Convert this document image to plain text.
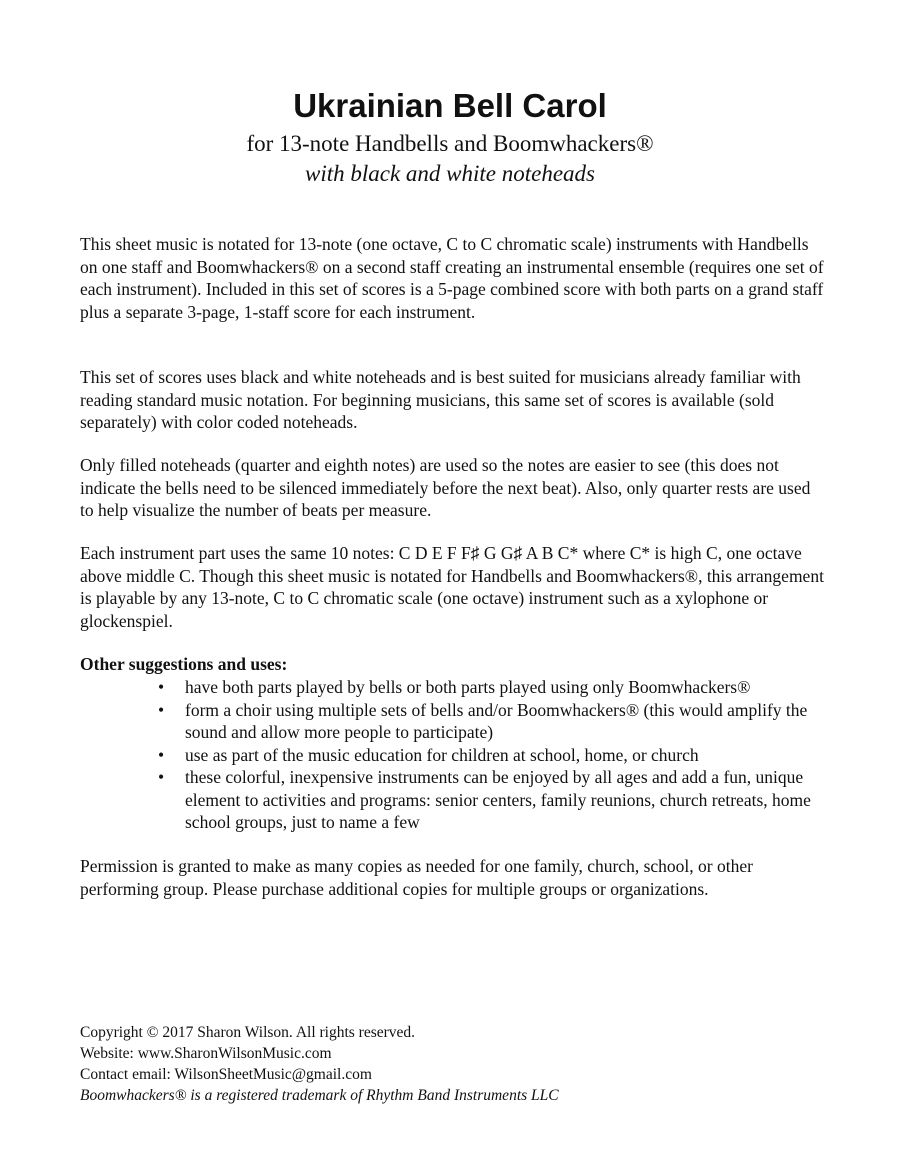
Ukrainian Bell Carol
for 13-note Handbells and Boomwhackers®
with black and white noteheads

This sheet music is notated for 13-note (one octave, C to C chromatic scale) instruments with Handbells on one staff and Boomwhackers® on a second staff creating an instrumental ensemble (requires one set of each instrument). Included in this set of scores is a 5-page combined score with both parts on a grand staff plus a separate 3-page, 1-staff score for each instrument.

This set of scores uses black and white noteheads and is best suited for musicians already familiar with reading standard music notation. For beginning musicians, this same set of scores is available (sold separately) with color coded noteheads.

Only filled noteheads (quarter and eighth notes) are used so the notes are easier to see (this does not indicate the bells need to be silenced immediately before the next beat). Also, only quarter rests are used to help visualize the number of beats per measure.

Each instrument part uses the same 10 notes: C D E F F♯ G G♯ A B C* where C* is high C, one octave above middle C. Though this sheet music is notated for Handbells and Boomwhackers®, this arrangement is playable by any 13-note, C to C chromatic scale (one octave) instrument such as a xylophone or glockenspiel.

Other suggestions and uses:
• have both parts played by bells or both parts played using only Boomwhackers®
• form a choir using multiple sets of bells and/or Boomwhackers® (this would amplify the sound and allow more people to participate)
• use as part of the music education for children at school, home, or church
• these colorful, inexpensive instruments can be enjoyed by all ages and add a fun, unique element to activities and programs: senior centers, family reunions, church retreats, home school groups, just to name a few

Permission is granted to make as many copies as needed for one family, church, school, or other performing group. Please purchase additional copies for multiple groups or organizations.

Copyright © 2017 Sharon Wilson. All rights reserved.
Website: www.SharonWilsonMusic.com
Contact email: WilsonSheetMusic@gmail.com
Boomwhackers® is a registered trademark of Rhythm Band Instruments LLC
